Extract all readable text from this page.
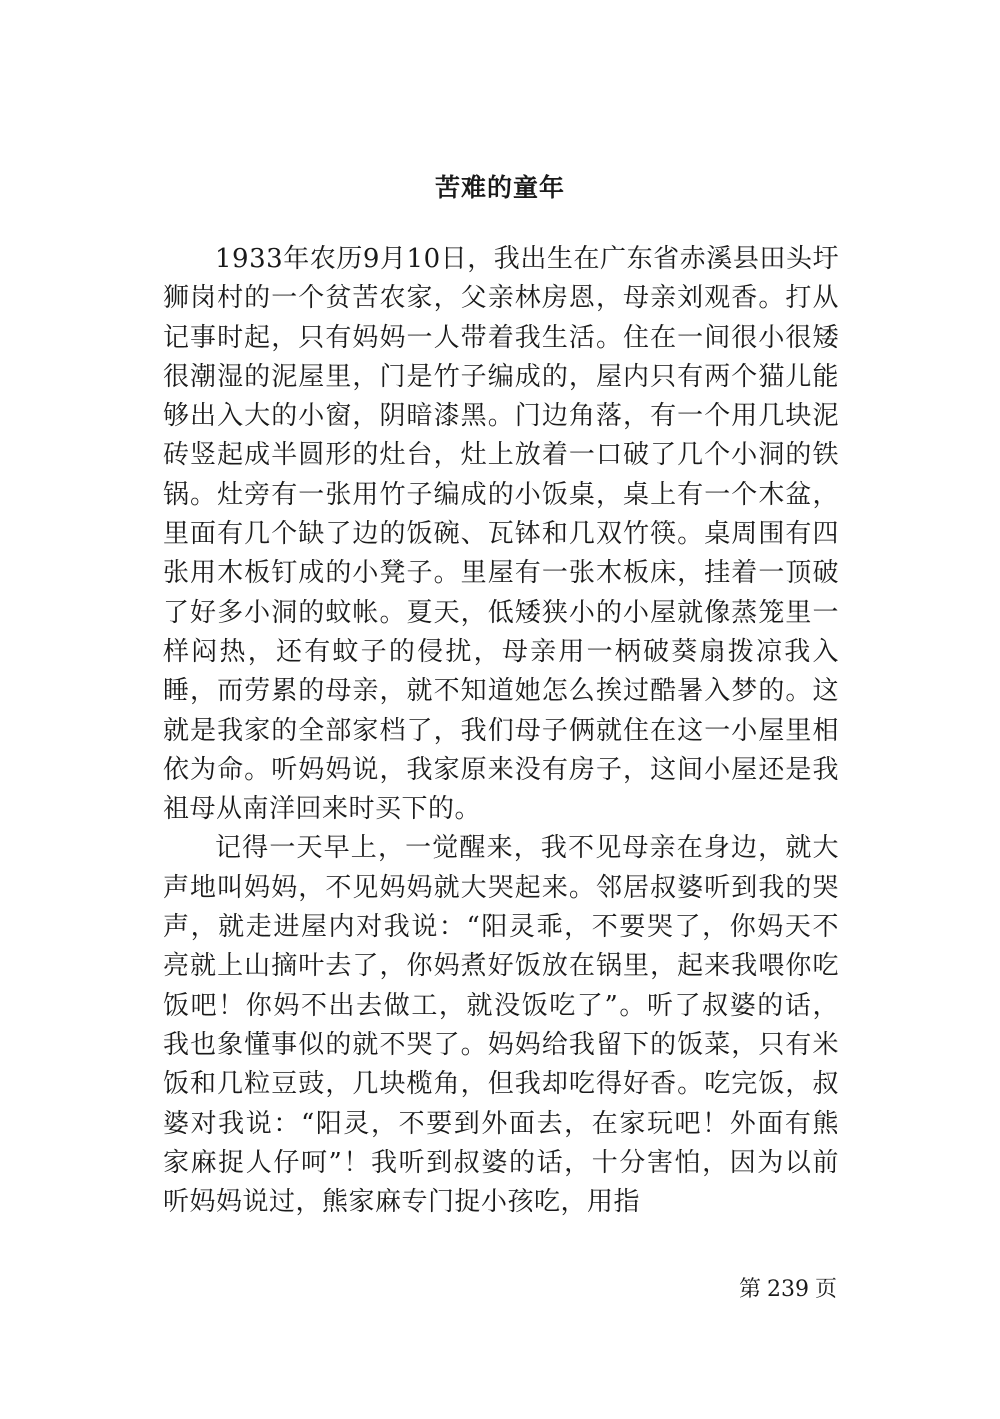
苦难的童年

1933年农历9月10日，我出生在广东省赤溪县田头圩狮岗村的一个贫苦农家，父亲林房恩，母亲刘观香。打从记事时起，只有妈妈一人带着我生活。住在一间很小很矮很潮湿的泥屋里，门是竹子编成的，屋内只有两个猫儿能够出入大的小窗，阴暗漆黑。门边角落，有一个用几块泥砖竖起成半圆形的灶台，灶上放着一口破了几个小洞的铁锅。灶旁有一张用竹子编成的小饭桌，桌上有一个木盆，里面有几个缺了边的饭碗、瓦钵和几双竹筷。桌周围有四张用木板钉成的小凳子。里屋有一张木板床，挂着一顶破了好多小洞的蚊帐。夏天，低矮狭小的小屋就像蒸笼里一样闷热，还有蚊子的侵扰，母亲用一柄破葵扇拨凉我入睡，而劳累的母亲，就不知道她怎么挨过酷暑入梦的。这就是我家的全部家档了，我们母子俩就住在这一小屋里相依为命。听妈妈说，我家原来没有房子，这间小屋还是我祖母从南洋回来时买下的。

记得一天早上，一觉醒来，我不见母亲在身边，就大声地叫妈妈，不见妈妈就大哭起来。邻居叔婆听到我的哭声，就走进屋内对我说：“阳灵乖，不要哭了，你妈天不亮就上山摘叶去了，你妈煮好饭放在锅里，起来我喂你吃饭吧！你妈不出去做工，就没饭吃了”。听了叔婆的话，我也象懂事似的就不哭了。妈妈给我留下的饭菜，只有米饭和几粒豆豉，几块榄角，但我却吃得好香。吃完饭，叔婆对我说：“阳灵，不要到外面去，在家玩吧！外面有熊家麻捉人仔呵”！我听到叔婆的话，十分害怕，因为以前听妈妈说过，熊家麻专门捉小孩吃，用指

第 239 页
